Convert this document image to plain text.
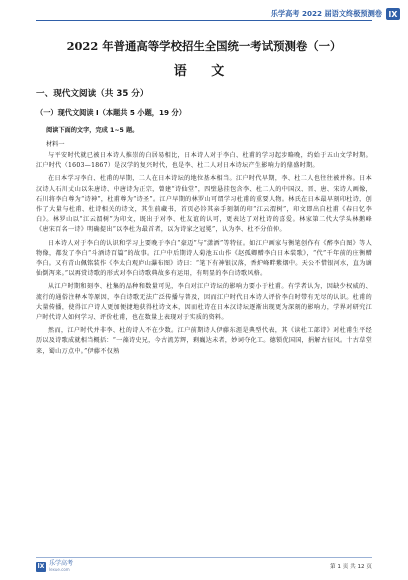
乐学高考 2022 届语文终极预测卷 lX
2022 年普通高等学校招生全国统一考试预测卷（一）
语 文
一、现代文阅读（共 35 分）
（一）现代文阅读 I（本题共 5 小题，19 分）
阅读下面的文字，完成 1~5 题。
材料一

与平安时代就已被日本诗人推崇的白居易相比，日本诗人对于李白、杜甫的学习起步略晚，约始于五山文学时期。江户时代（1603—1867）是汉学的复兴时代，也是李、杜二人对日本诗坛产生影响力的鼎盛时期。

在日本学习李白、杜甫的早期，二人在日本诗坛的地位基本相当。江户时代早期，李、杜二人也往往被并称。日本汉诗人石川丈山以朱唐诗、中唐诗为正宗，曾建“诗仙堂”，四壁悬挂包含李、杜二人的中国汉、晋、唐、宋诗人画像，石川将李白尊为“诗神”，杜甫尊为“诗圣”。江户早期的林罗山可谓学习杜甫的重要人物。林氏在日本最早刻印杜诗，创作了大量与杜甫、杜诗相关的诗文，其生前藏书，首页必钤其亲手刻制的印“江云渭树”，印文即出自杜甫《春日忆李白》。林罗山以“江云渭树”为印文，既出于对李、杜友谊的认可，更表达了对杜诗的喜爱。林家第二代大学头林鹅峰《唐宋百名一诗》明确提出“以李杜为最首者，以为诗家之冠冕”，认为李、杜不分伯仲。

日本诗人对于李白的认识和学习上要晚于李白“豪迈”与“潇洒”等特征。如江户画家与衡笔创作有《醉李白图》等人物像，都发了李白“斗酒诗百篇”的故事。江户中后期诗人菊池五山作《赵孤卿赠李白日本装歌》，“代”千年前的庄衡赠李白。又有青山佩铭装作《李太白观庐山瀑布图》诗曰：“笔下有神银汉落，香炉峰畔紫烟中。天公不惜银河水，直为谪仙倒泻来。”以再赏诗歌的形式对李白诗歌典故多有运用，有明显的李白诗歌风格。

从江户时期和刻李、杜集的品种和数量可见，李白对江户诗坛的影响力要小于杜甫。有学者认为，因缺少权威的、流行的通俗注释本等原因，李白诗歌无法广泛传播与普及，因而江户时代日本诗人评价李白时带有无尽的认识。杜甫的大量传播，使得江户诗人更加便捷地获得杜诗文本，因而杜诗在日本汉诗坛逐渐出现更为深刻的影响力，学界对研究江户时代诗人如何学习、评价杜甫，也在数量上表现对于实质的资料。

然而，江户时代并非李、杜的诗人不在少数。江户前期诗人伊藤东涯是典型代表，其《读杜工部诗》对杜甫生平经历以及诗歌成就相当概括：“一藻诗史兄，今古流芳辉，剩巍达未者，妙词夺化工。德锁优国国，捐解古征风。十古草堂来，蜀山万点中。”伊藤不仅熟

lX 乐学高考
lexue.com	第 1 页 共 12 页
